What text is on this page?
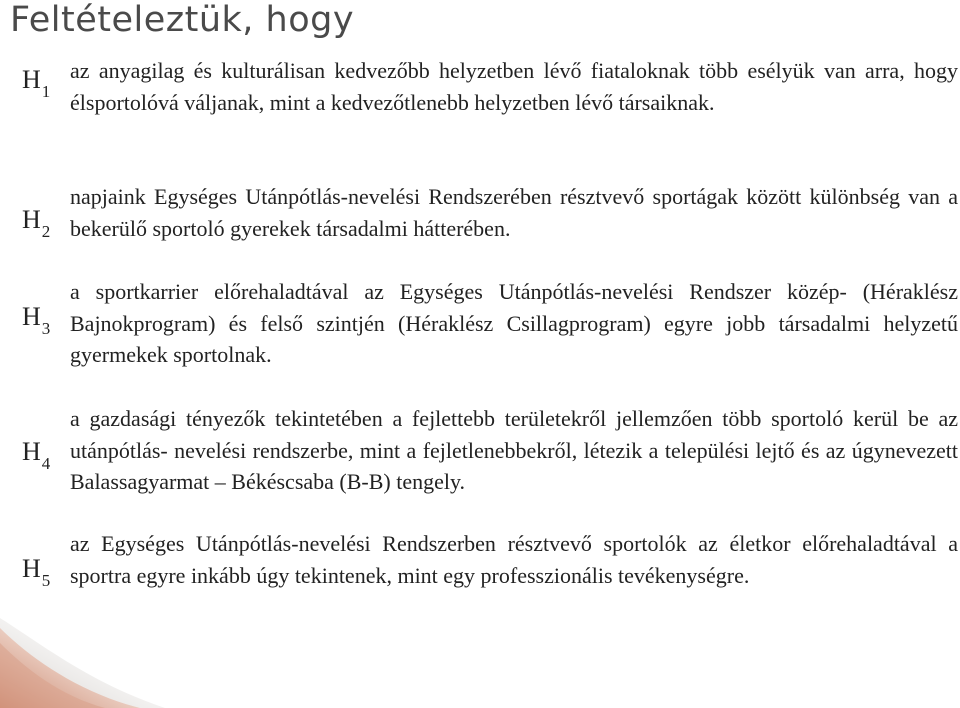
Feltételeztük, hogy
$H_1$
az anyagilag és kulturálisan kedvezőbb helyzetben lévő fiataloknak több esélyük van arra, hogy élsportolóvá váljanak, mint a kedvezőtlenebb helyzetben lévő társaiknak.
$H_2$
napjaink Egységes Utánpótlás-nevelési Rendszerében résztvevő sportágak között különbség van a bekerülő sportoló gyerekek társadalmi hátterében.
$H_3$
a sportkarrier előrehaladtával az Egységes Utánpótlás-nevelési Rendszer közép- (Héraklész Bajnokprogram) és felső szintjén (Héraklész Csillagprogram) egyre jobb társadalmi helyzetű gyermekek sportolnak.
$H_4$
a gazdasági tényezők tekintetében a fejlettebb területekről jellemzően több sportoló kerül be az utánpótlás- nevelési rendszerbe, mint a fejletlenebbekről, létezik a települési lejtő és az úgynevezett Balassagyarmat – Békéscsaba (B-B) tengely.
$H_5$
az Egységes Utánpótlás-nevelési Rendszerben résztvevő sportolók az életkor előrehaladtával a sportra egyre inkább úgy tekintenek, mint egy professzionális tevékenységre.
